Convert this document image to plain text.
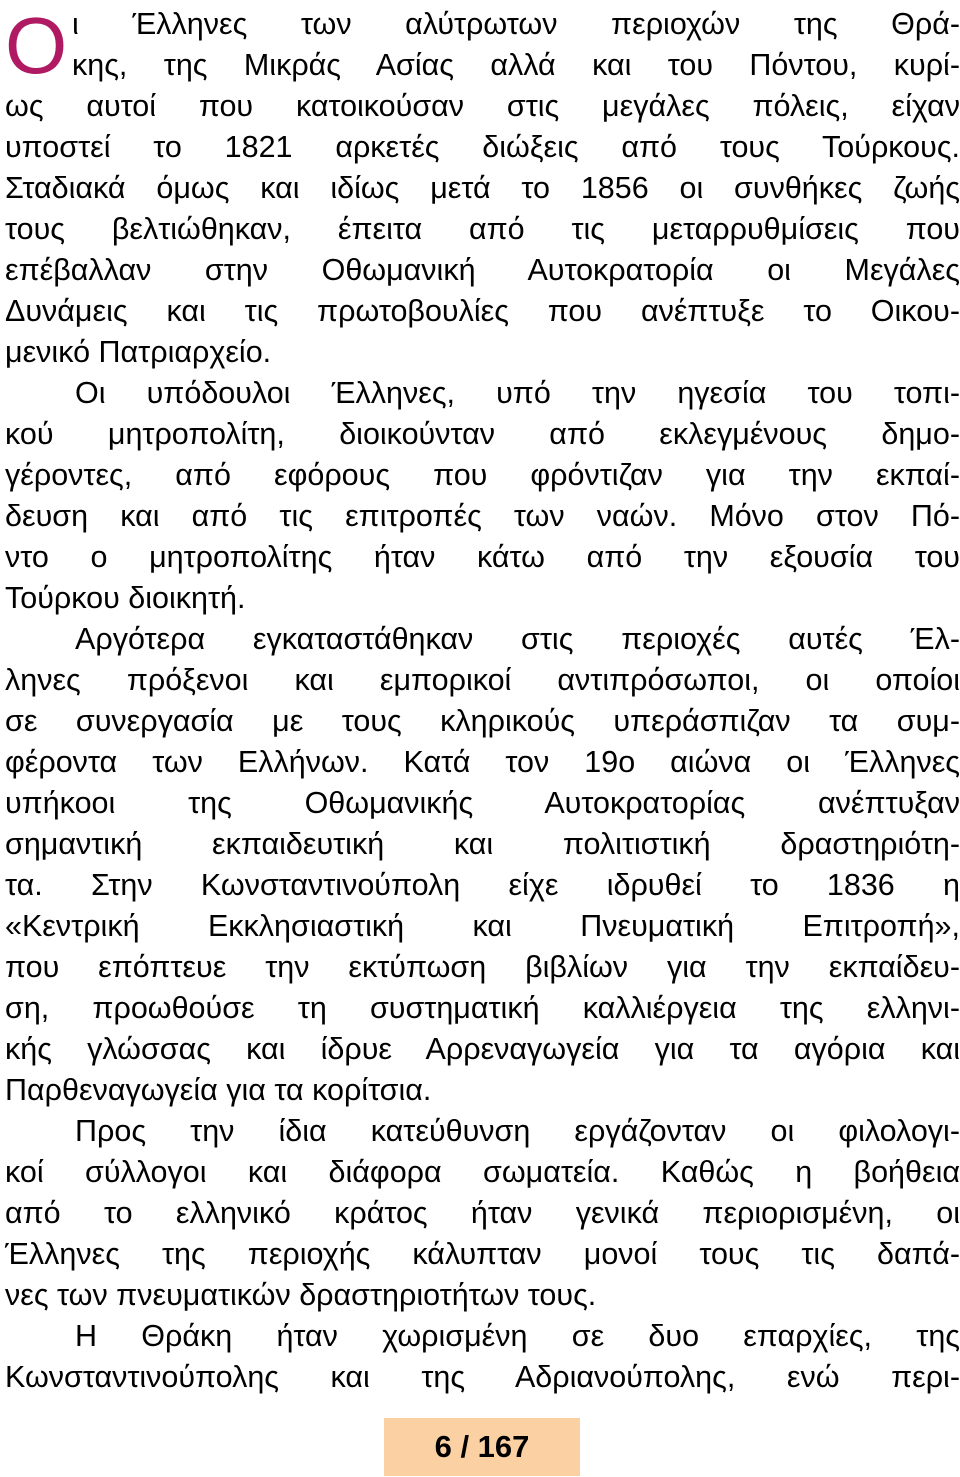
Ο ι Έλληνες των αλύτρωτων περιοχών της Θρά-
κης, της Μικράς Ασίας αλλά και του Πόντου, κυρί-
ως αυτοί που κατοικούσαν στις μεγάλες πόλεις, είχαν
υποστεί το 1821 αρκετές διώξεις από τους Τούρκους.
Σταδιακά όμως και ιδίως μετά το 1856 οι συνθήκες ζωής
τους βελτιώθηκαν, έπειτα από τις μεταρρυθμίσεις που
επέβαλλαν στην Οθωμανική Αυτοκρατορία οι Μεγάλες
Δυνάμεις και τις πρωτοβουλίες που ανέπτυξε το Οικου-
μενικό Πατριαρχείο.
Οι υπόδουλοι Έλληνες, υπό την ηγεσία του τοπι-
κού μητροπολίτη, διοικούνταν από εκλεγμένους δημο-
γέροντες, από εφόρους που φρόντιζαν για την εκπαί-
δευση και από τις επιτροπές των ναών. Μόνο στον Πό-
ντο ο μητροπολίτης ήταν κάτω από την εξουσία του
Τούρκου διοικητή.
Αργότερα εγκαταστάθηκαν στις περιοχές αυτές Έλ-
ληνες πρόξενοι και εμπορικοί αντιπρόσωποι, οι οποίοι
σε συνεργασία με τους κληρικούς υπεράσπιζαν τα συμ-
φέροντα των Ελλήνων. Κατά τον 19ο αιώνα οι Έλληνες
υπήκοοι της Οθωμανικής Αυτοκρατορίας ανέπτυξαν
σημαντική εκπαιδευτική και πολιτιστική δραστηριότη-
τα. Στην Κωνσταντινούπολη είχε ιδρυθεί το 1836 η
«Κεντρική Εκκλησιαστική και Πνευματική Επιτροπή»,
που επόπτευε την εκτύπωση βιβλίων για την εκπαίδευ-
ση, προωθούσε τη συστηματική καλλιέργεια της ελληνι-
κής γλώσσας και ίδρυε Αρρεναγωγεία για τα αγόρια και
Παρθεναγωγεία για τα κορίτσια.
Προς την ίδια κατεύθυνση εργάζονταν οι φιλολογι-
κοί σύλλογοι και διάφορα σωματεία. Καθώς η βοήθεια
από το ελληνικό κράτος ήταν γενικά περιορισμένη, οι
Έλληνες της περιοχής κάλυπταν μονοί τους τις δαπά-
νες των πνευματικών δραστηριοτήτων τους.
Η Θράκη ήταν χωρισμένη σε δυο επαρχίες, της
Κωνσταντινούπολης και της Αδριανούπολης, ενώ περι-
6 / 167
